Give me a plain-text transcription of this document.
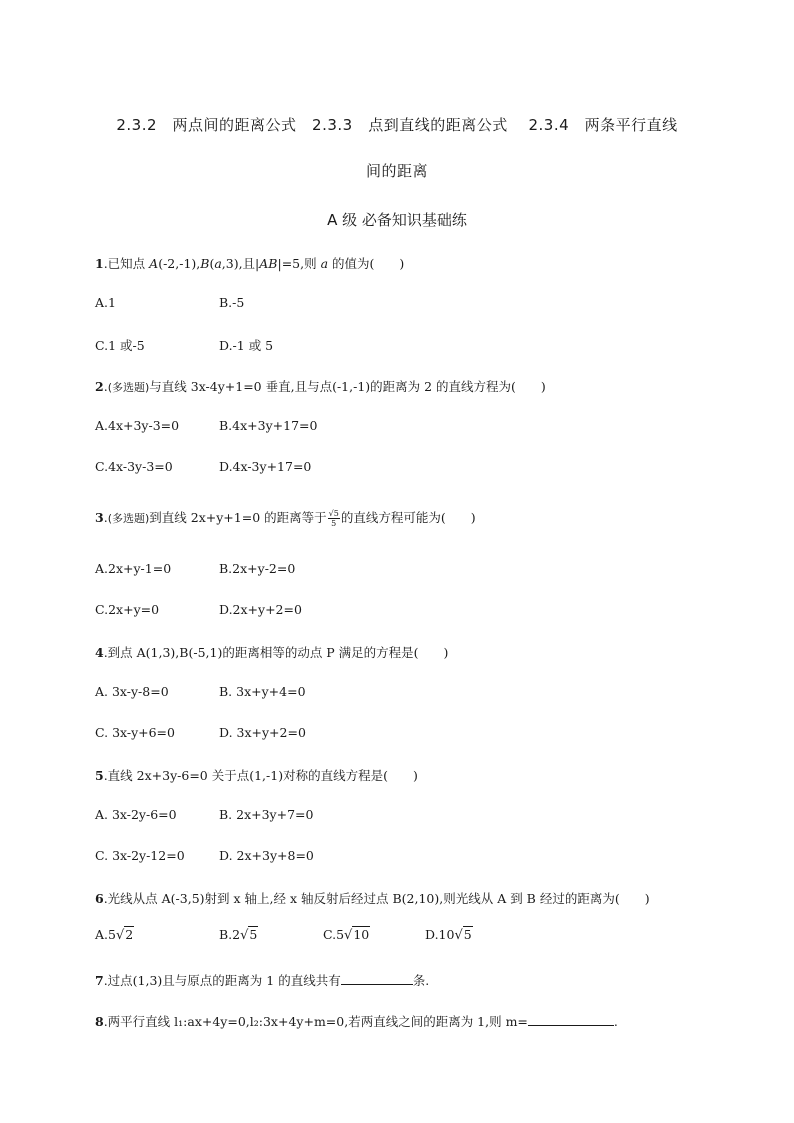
2.3.2　两点间的距离公式　2.3.3　点到直线的距离公式　 2.3.4　两条平行直线
间的距离
A 级 必备知识基础练
1.已知点 A(-2,-1),B(a,3),且|AB|=5,则 a 的值为(　　)
A.1	B.-5
C.1 或-5	D.-1 或 5
2.(多选题)与直线 3x-4y+1=0 垂直,且与点(-1,-1)的距离为 2 的直线方程为(　　)
A.4x+3y-3=0	B.4x+3y+17=0
C.4x-3y-3=0	D.4x-3y+17=0
3.(多选题)到直线 2x+y+1=0 的距离等于 $\frac{√5}{5}$ 的直线方程可能为(　　)
A.2x+y-1=0	B.2x+y-2=0
C.2x+y=0	D.2x+y+2=0
4.到点 A(1,3),B(-5,1)的距离相等的动点 P 满足的方程是(　　)
A. 3x-y-8=0	B. 3x+y+4=0
C. 3x-y+6=0	D. 3x+y+2=0
5.直线 2x+3y-6=0 关于点(1,-1)对称的直线方程是(　　)
A. 3x-2y-6=0	B. 2x+3y+7=0
C. 3x-2y-12=0	D. 2x+3y+8=0
6.光线从点 A(-3,5)射到 x 轴上,经 x 轴反射后经过点 B(2,10),则光线从 A 到 B 经过的距离为(　　)
A.5√2	B.2√5	C.5√10	D.10√5
7.过点(1,3)且与原点的距离为 1 的直线共有	条.
8.两平行直线 l₁:ax+4y=0,l₂:3x+4y+m=0,若两直线之间的距离为 1,则 m=	.
